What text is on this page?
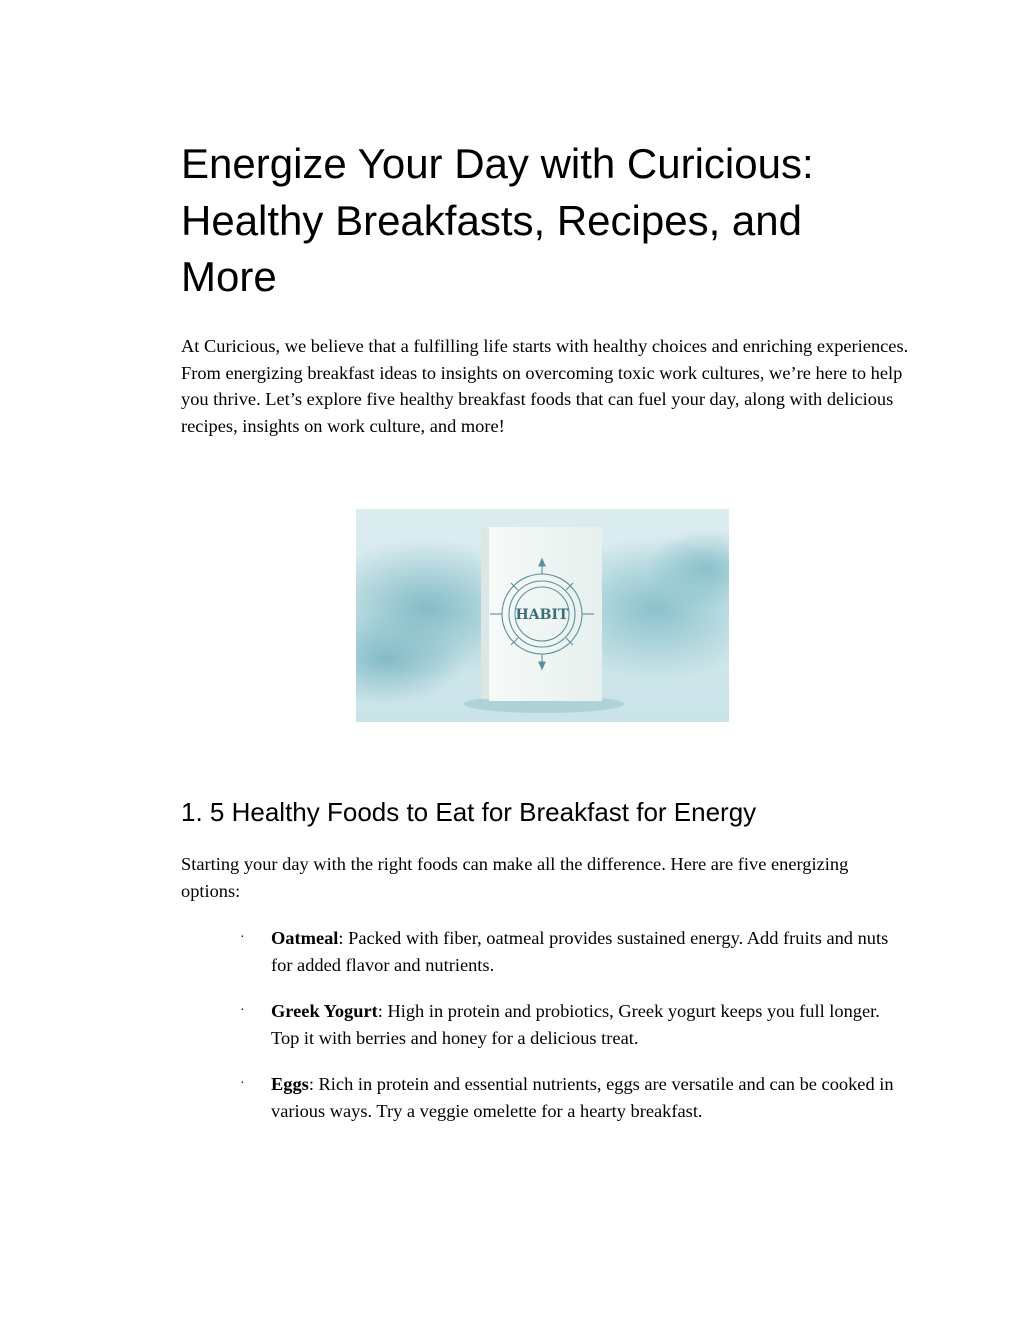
Energize Your Day with Curicious: Healthy Breakfasts, Recipes, and More

At Curicious, we believe that a fulfilling life starts with healthy choices and enriching experiences. From energizing breakfast ideas to insights on overcoming toxic work cultures, we’re here to help you thrive. Let’s explore five healthy breakfast foods that can fuel your day, along with delicious recipes, insights on work culture, and more!

HABIT
1. 5 Healthy Foods to Eat for Breakfast for Energy

Starting your day with the right foods can make all the difference. Here are five energizing options:

·	Oatmeal: Packed with fiber, oatmeal provides sustained energy. Add fruits and nuts for added flavor and nutrients.
·	Greek Yogurt: High in protein and probiotics, Greek yogurt keeps you full longer. Top it with berries and honey for a delicious treat.
·	Eggs: Rich in protein and essential nutrients, eggs are versatile and can be cooked in various ways. Try a veggie omelette for a hearty breakfast.
